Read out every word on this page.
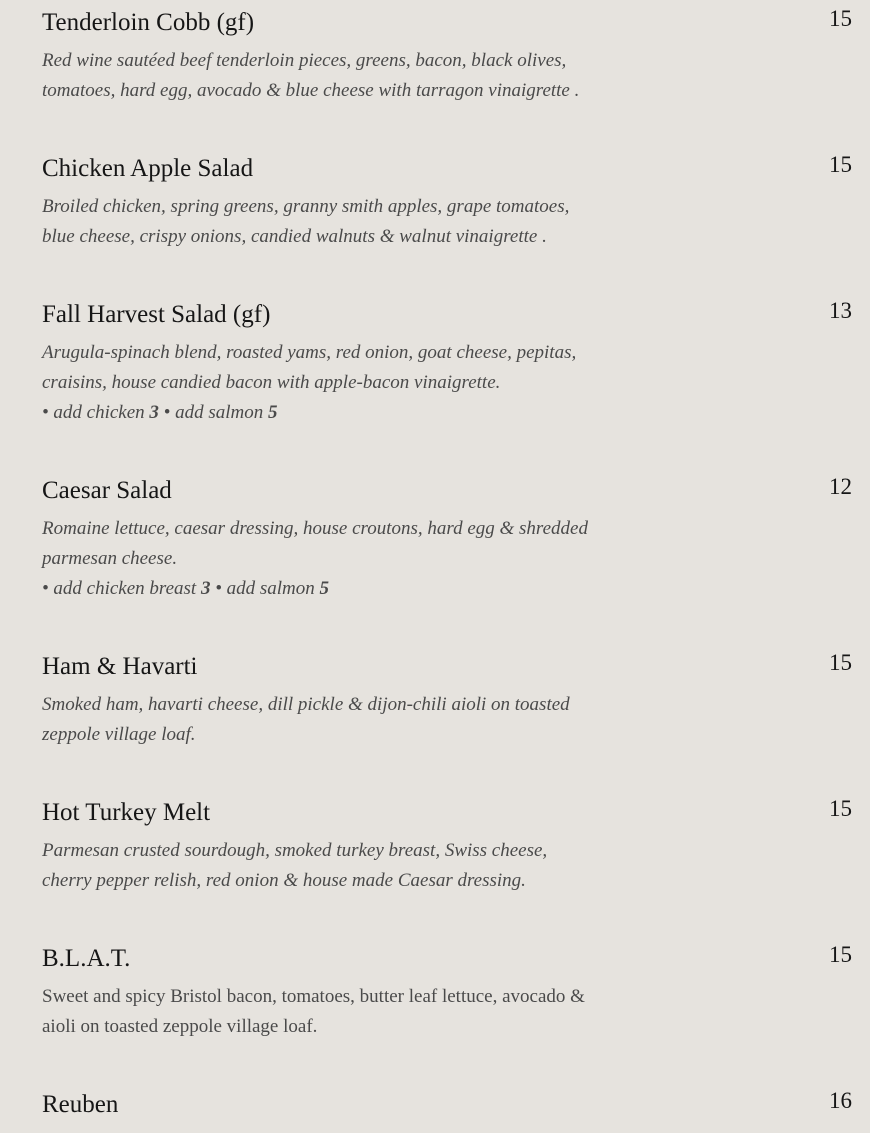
Tenderloin Cobb (gf)	15
Red wine sautéed beef tenderloin pieces, greens, bacon, black olives,
tomatoes, hard egg, avocado & blue cheese with tarragon vinaigrette .
Chicken Apple Salad	15
Broiled chicken, spring greens, granny smith apples, grape tomatoes,
blue cheese, crispy onions, candied walnuts & walnut vinaigrette .
Fall Harvest Salad (gf)	13
Arugula-spinach blend, roasted yams, red onion, goat cheese, pepitas,
craisins, house candied bacon with apple-bacon vinaigrette.
• add chicken 3 • add salmon 5
Caesar Salad	12
Romaine lettuce, caesar dressing, house croutons, hard egg & shredded
parmesan cheese.
• add chicken breast 3 • add salmon 5
Ham & Havarti	15
Smoked ham, havarti cheese, dill pickle & dijon-chili aioli on toasted
zeppole village loaf.
Hot Turkey Melt	15
Parmesan crusted sourdough, smoked turkey breast, Swiss cheese,
cherry pepper relish, red onion & house made Caesar dressing.
B.L.A.T.	15
Sweet and spicy Bristol bacon, tomatoes, butter leaf lettuce, avocado &
aioli on toasted zeppole village loaf.
Reuben	16
